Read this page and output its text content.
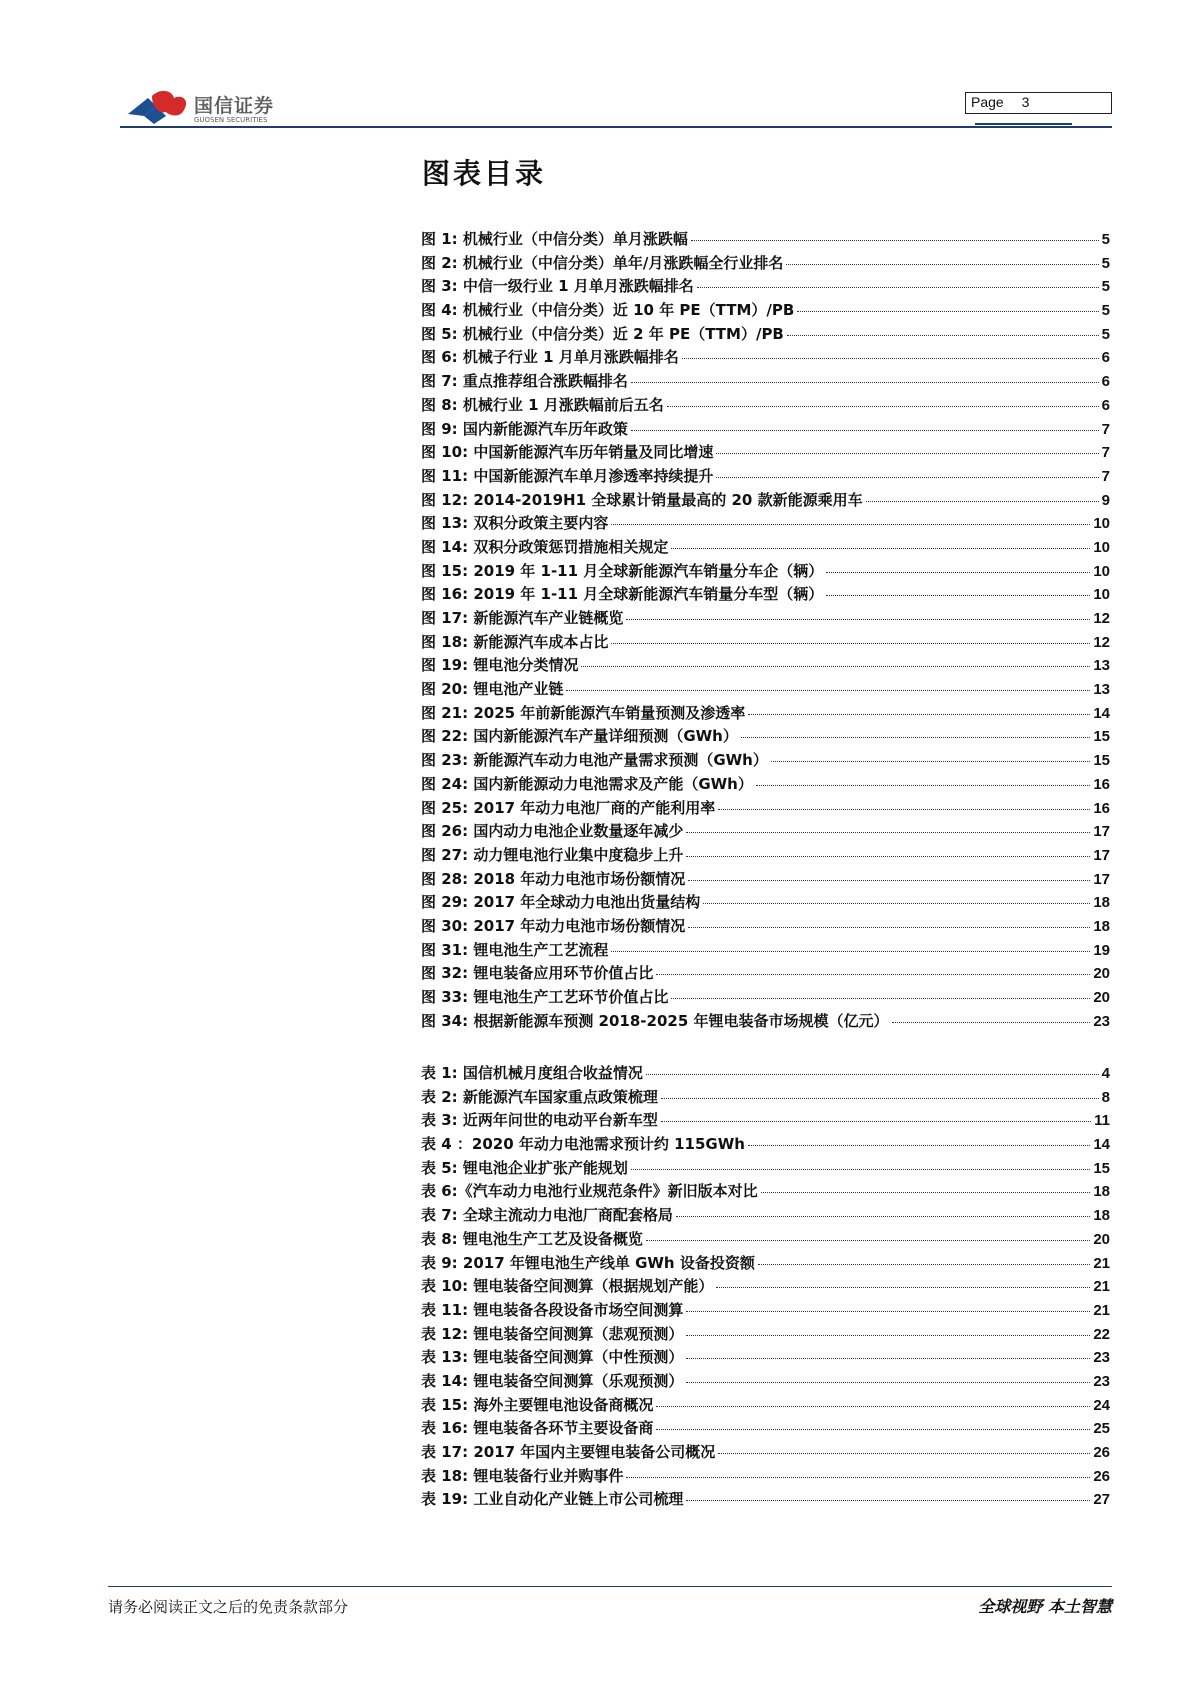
国信证券
GUOSEN SECURITIES
Page 3
图表目录
图 1: 机械行业（中信分类）单月涨跌幅	5
图 2: 机械行业（中信分类）单年/月涨跌幅全行业排名	5
图 3: 中信一级行业 1 月单月涨跌幅排名	5
图 4: 机械行业（中信分类）近 10 年 PE（TTM）/PB	5
图 5: 机械行业（中信分类）近 2 年 PE（TTM）/PB	5
图 6: 机械子行业 1 月单月涨跌幅排名	6
图 7: 重点推荐组合涨跌幅排名	6
图 8: 机械行业 1 月涨跌幅前后五名	6
图 9: 国内新能源汽车历年政策	7
图 10: 中国新能源汽车历年销量及同比增速	7
图 11: 中国新能源汽车单月渗透率持续提升	7
图 12: 2014-2019H1 全球累计销量最高的 20 款新能源乘用车	9
图 13: 双积分政策主要内容	10
图 14: 双积分政策惩罚措施相关规定	10
图 15: 2019 年 1-11 月全球新能源汽车销量分车企（辆）	10
图 16: 2019 年 1-11 月全球新能源汽车销量分车型（辆）	10
图 17: 新能源汽车产业链概览	12
图 18: 新能源汽车成本占比	12
图 19: 锂电池分类情况	13
图 20: 锂电池产业链	13
图 21: 2025 年前新能源汽车销量预测及渗透率	14
图 22: 国内新能源汽车产量详细预测（GWh）	15
图 23: 新能源汽车动力电池产量需求预测（GWh）	15
图 24: 国内新能源动力电池需求及产能（GWh）	16
图 25: 2017 年动力电池厂商的产能利用率	16
图 26: 国内动力电池企业数量逐年减少	17
图 27: 动力锂电池行业集中度稳步上升	17
图 28: 2018 年动力电池市场份额情况	17
图 29: 2017 年全球动力电池出货量结构	18
图 30: 2017 年动力电池市场份额情况	18
图 31: 锂电池生产工艺流程	19
图 32: 锂电装备应用环节价值占比	20
图 33: 锂电池生产工艺环节价值占比	20
图 34: 根据新能源车预测 2018-2025 年锂电装备市场规模（亿元）	23
表 1: 国信机械月度组合收益情况	4
表 2: 新能源汽车国家重点政策梳理	8
表 3: 近两年问世的电动平台新车型	11
表 4 ：2020 年动力电池需求预计约 115GWh	14
表 5: 锂电池企业扩张产能规划	15
表 6:《汽车动力电池行业规范条件》新旧版本对比	18
表 7: 全球主流动力电池厂商配套格局	18
表 8: 锂电池生产工艺及设备概览	20
表 9: 2017 年锂电池生产线单 GWh 设备投资额	21
表 10: 锂电装备空间测算（根据规划产能）	21
表 11: 锂电装备各段设备市场空间测算	21
表 12: 锂电装备空间测算（悲观预测）	22
表 13: 锂电装备空间测算（中性预测）	23
表 14: 锂电装备空间测算（乐观预测）	23
表 15: 海外主要锂电池设备商概况	24
表 16: 锂电装备各环节主要设备商	25
表 17: 2017 年国内主要锂电装备公司概况	26
表 18: 锂电装备行业并购事件	26
表 19: 工业自动化产业链上市公司梳理	27
请务必阅读正文之后的免责条款部分	全球视野 本土智慧
